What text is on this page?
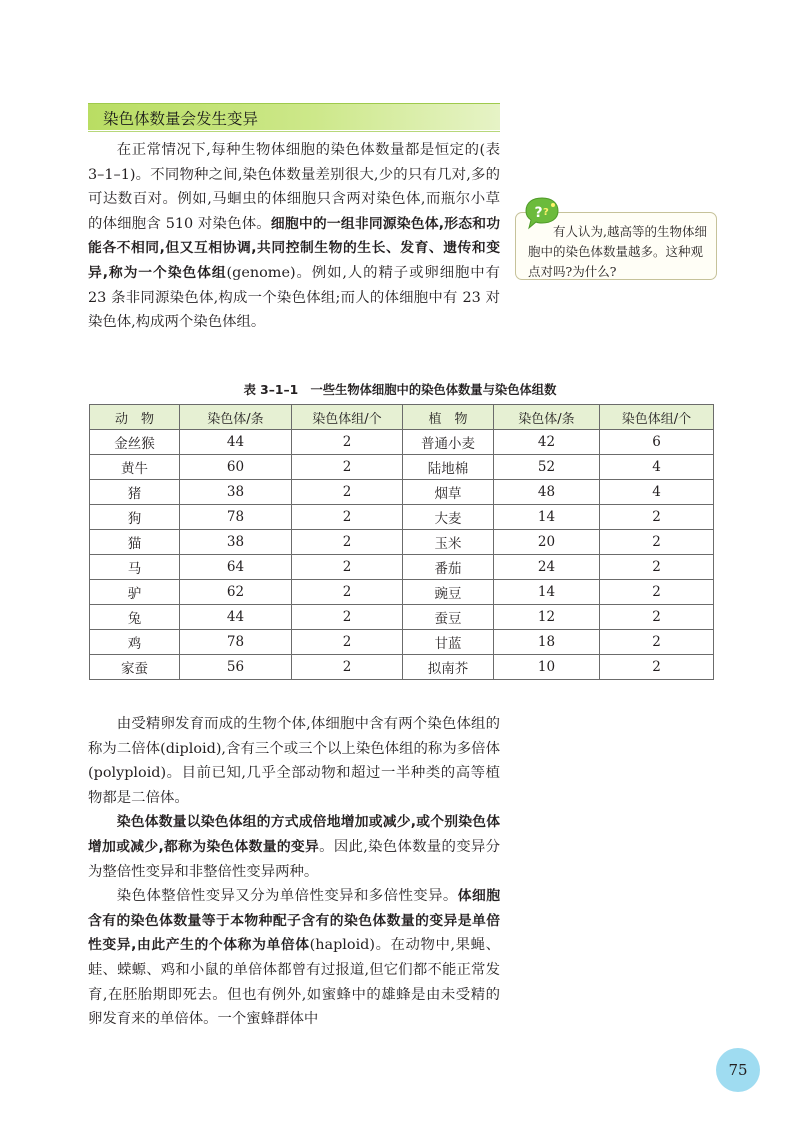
染色体数量会发生变异

在正常情况下,每种生物体细胞的染色体数量都是恒定的(表 3–1–1)。不同物种之间,染色体数量差别很大,少的只有几对,多的可达数百对。例如,马蛔虫的体细胞只含两对染色体,而瓶尔小草的体细胞含 510 对染色体。细胞中的一组非同源染色体,形态和功能各不相同,但又互相协调,共同控制生物的生长、发育、遗传和变异,称为一个染色体组(genome)。例如,人的精子或卵细胞中有 23 条非同源染色体,构成一个染色体组;而人的体细胞中有 23 对染色体,构成两个染色体组。

有人认为,越高等的生物体细胞中的染色体数量越多。这种观点对吗?为什么?
? ?
表 3–1–1　一些生物体细胞中的染色体数量与染色体组数
动　物	染色体/条	染色体组/个	植　物	染色体/条	染色体组/个
金丝猴	44	2	普通小麦	42	6
黄牛	60	2	陆地棉	52	4
猪	38	2	烟草	48	4
狗	78	2	大麦	14	2
猫	38	2	玉米	20	2
马	64	2	番茄	24	2
驴	62	2	豌豆	14	2
兔	44	2	蚕豆	12	2
鸡	78	2	甘蓝	18	2
家蚕	56	2	拟南芥	10	2

由受精卵发育而成的生物个体,体细胞中含有两个染色体组的称为二倍体(diploid),含有三个或三个以上染色体组的称为多倍体(polyploid)。目前已知,几乎全部动物和超过一半种类的高等植物都是二倍体。

染色体数量以染色体组的方式成倍地增加或减少,或个别染色体增加或减少,都称为染色体数量的变异。因此,染色体数量的变异分为整倍性变异和非整倍性变异两种。

染色体整倍性变异又分为单倍性变异和多倍性变异。体细胞含有的染色体数量等于本物种配子含有的染色体数量的变异是单倍性变异,由此产生的个体称为单倍体(haploid)。在动物中,果蝇、蛙、蝾螈、鸡和小鼠的单倍体都曾有过报道,但它们都不能正常发育,在胚胎期即死去。但也有例外,如蜜蜂中的雄蜂是由未受精的卵发育来的单倍体。一个蜜蜂群体中

75
